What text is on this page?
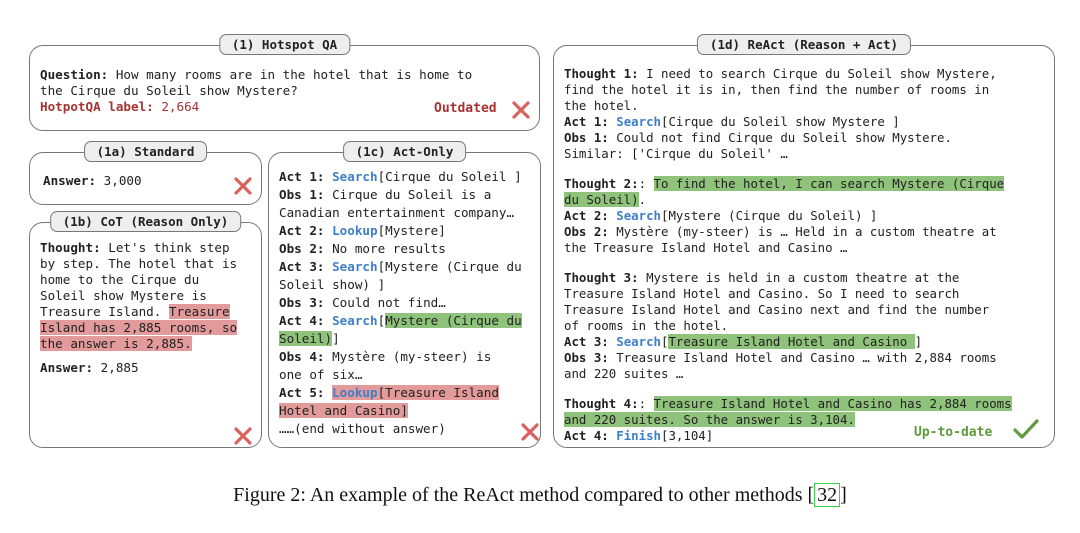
(1) Hotspot QA
Question: How many rooms are in the hotel that is home to
the Cirque du Soleil show Mystere?
HotpotQA label: 2,664	Outdated
(1a) Standard
Answer: 3,000
(1b) CoT (Reason Only)
Thought: Let's think step
by step. The hotel that is
home to the Cirque du
Soleil show Mystere is
Treasure Island. Treasure
Island has 2,885 rooms, so
the answer is 2,885.
Answer: 2,885
(1c) Act-Only
Act 1: Search[Cirque du Soleil ]
Obs 1: Cirque du Soleil is a
Canadian entertainment company…
Act 2: Lookup[Mystere]
Obs 2: No more results
Act 3: Search[Mystere (Cirque du
Soleil show) ]
Obs 3: Could not find…
Act 4: Search[Mystere (Cirque du
Soleil)]
Obs 4: Mystère (my-steer) is
one of six…
Act 5: Lookup[Treasure Island
Hotel and Casino]
……(end without answer)
(1d) ReAct (Reason + Act)
Thought 1: I need to search Cirque du Soleil show Mystere,
find the hotel it is in, then find the number of rooms in
the hotel.
Act 1: Search[Cirque du Soleil show Mystere ]
Obs 1: Could not find Cirque du Soleil show Mystere.
Similar: ['Cirque du Soleil' …
Thought 2:: To find the hotel, I can search Mystere (Cirque
du Soleil).
Act 2: Search[Mystere (Cirque du Soleil) ]
Obs 2: Mystère (my-steer) is … Held in a custom theatre at
the Treasure Island Hotel and Casino …
Thought 3: Mystere is held in a custom theatre at the
Treasure Island Hotel and Casino. So I need to search
Treasure Island Hotel and Casino next and find the number
of rooms in the hotel.
Act 3: Search[Treasure Island Hotel and Casino ]
Obs 3: Treasure Island Hotel and Casino … with 2,884 rooms
and 220 suites …
Thought 4:: Treasure Island Hotel and Casino has 2,884 rooms
and 220 suites. So the answer is 3,104.
Act 4: Finish[3,104]	Up-to-date
Figure 2: An example of the ReAct method compared to other methods [ 32 ]
